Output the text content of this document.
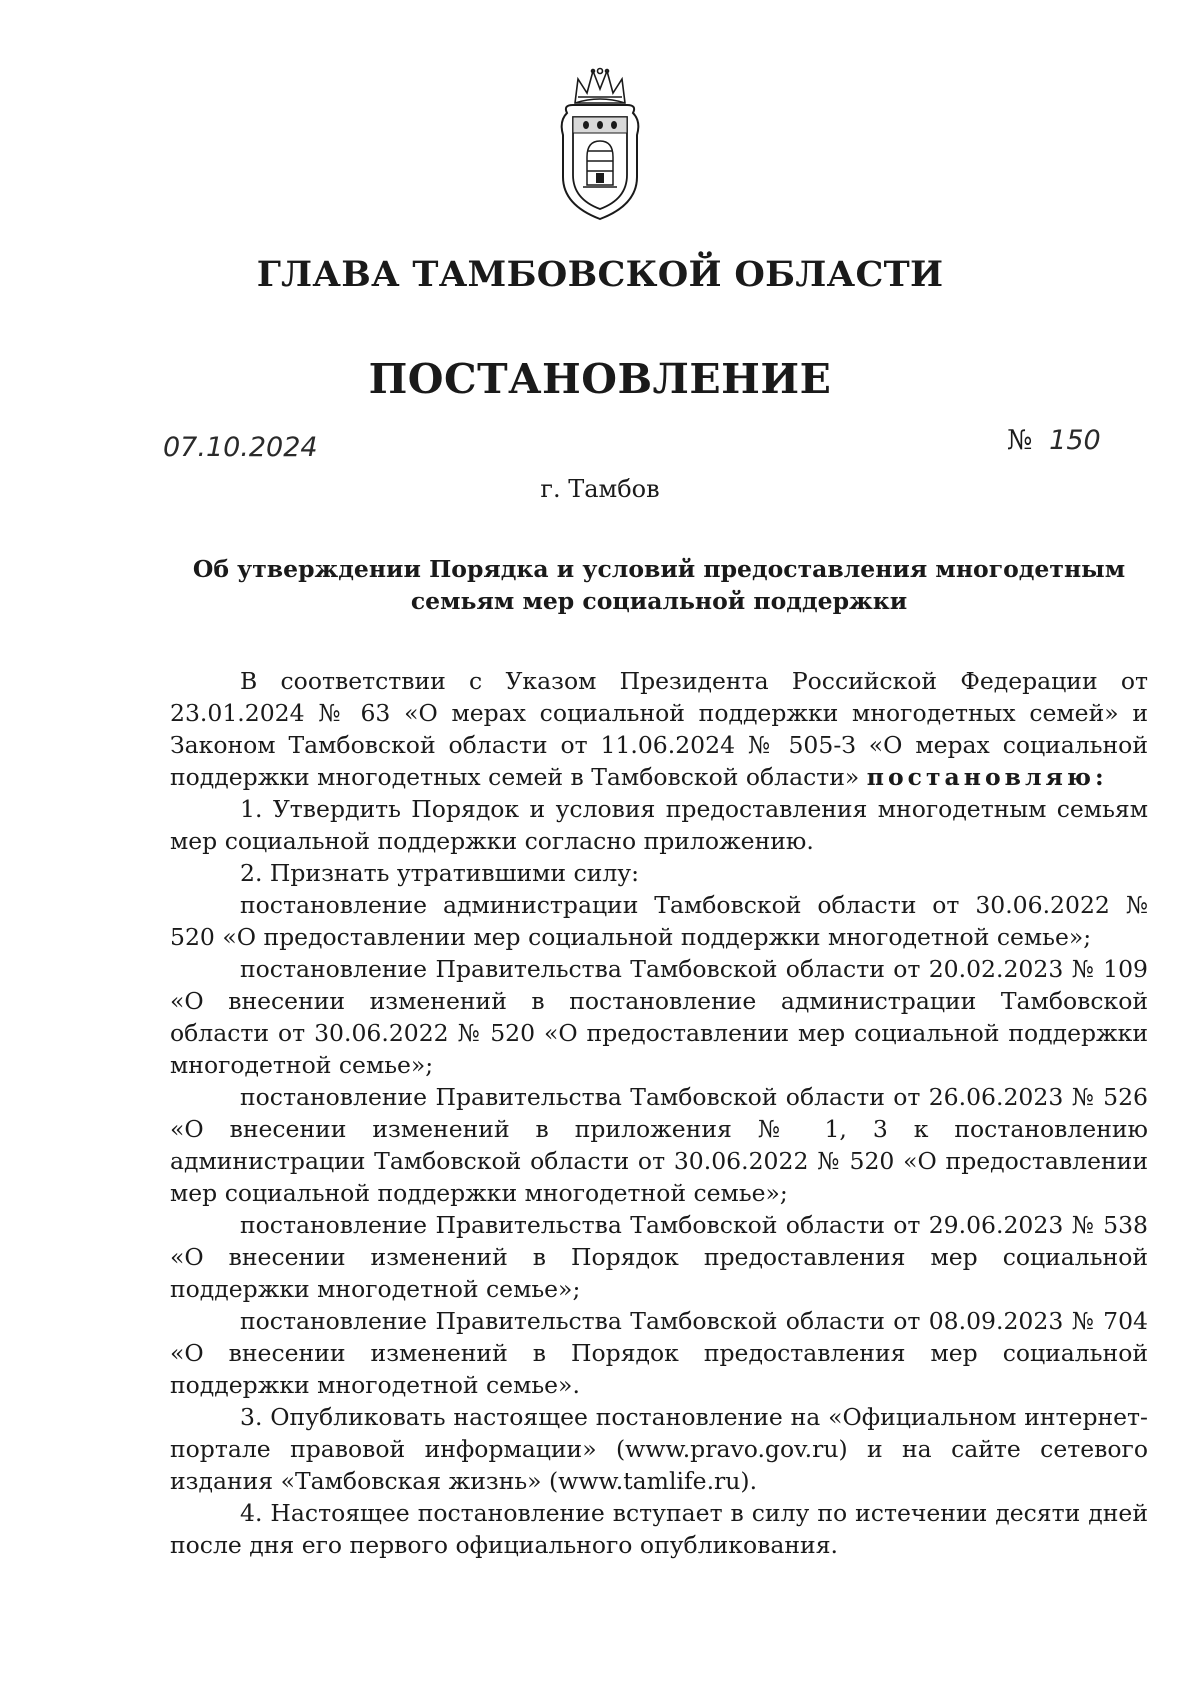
ГЛАВА ТАМБОВСКОЙ ОБЛАСТИ
ПОСТАНОВЛЕНИЕ
07.10.2024	№ 150
г. Тамбов
Об утверждении Порядка и условий предоставления многодетным семьям мер социальной поддержки

В соответствии с Указом Президента Российской Федерации от 23.01.2024 № 63 «О мерах социальной поддержки многодетных семей» и Законом Тамбовской области от 11.06.2024 № 505-З «О мерах социальной поддержки многодетных семей в Тамбовской области» постановляю:

1. Утвердить Порядок и условия предоставления многодетным семьям мер социальной поддержки согласно приложению.

2. Признать утратившими силу:

постановление администрации Тамбовской области от 30.06.2022 № 520 «О предоставлении мер социальной поддержки многодетной семье»;

постановление Правительства Тамбовской области от 20.02.2023 № 109 «О внесении изменений в постановление администрации Тамбовской области от 30.06.2022 № 520 «О предоставлении мер социальной поддержки многодетной семье»;

постановление Правительства Тамбовской области от 26.06.2023 № 526 «О внесении изменений в приложения № 1, 3 к постановлению администрации Тамбовской области от 30.06.2022 № 520 «О предоставлении мер социальной поддержки многодетной семье»;

постановление Правительства Тамбовской области от 29.06.2023 № 538 «О внесении изменений в Порядок предоставления мер социальной поддержки многодетной семье»;

постановление Правительства Тамбовской области от 08.09.2023 № 704 «О внесении изменений в Порядок предоставления мер социальной поддержки многодетной семье».

3. Опубликовать настоящее постановление на «Официальном интернет-портале правовой информации» (www.pravo.gov.ru) и на сайте сетевого издания «Тамбовская жизнь» (www.tamlife.ru).

4. Настоящее постановление вступает в силу по истечении десяти дней после дня его первого официального опубликования.
